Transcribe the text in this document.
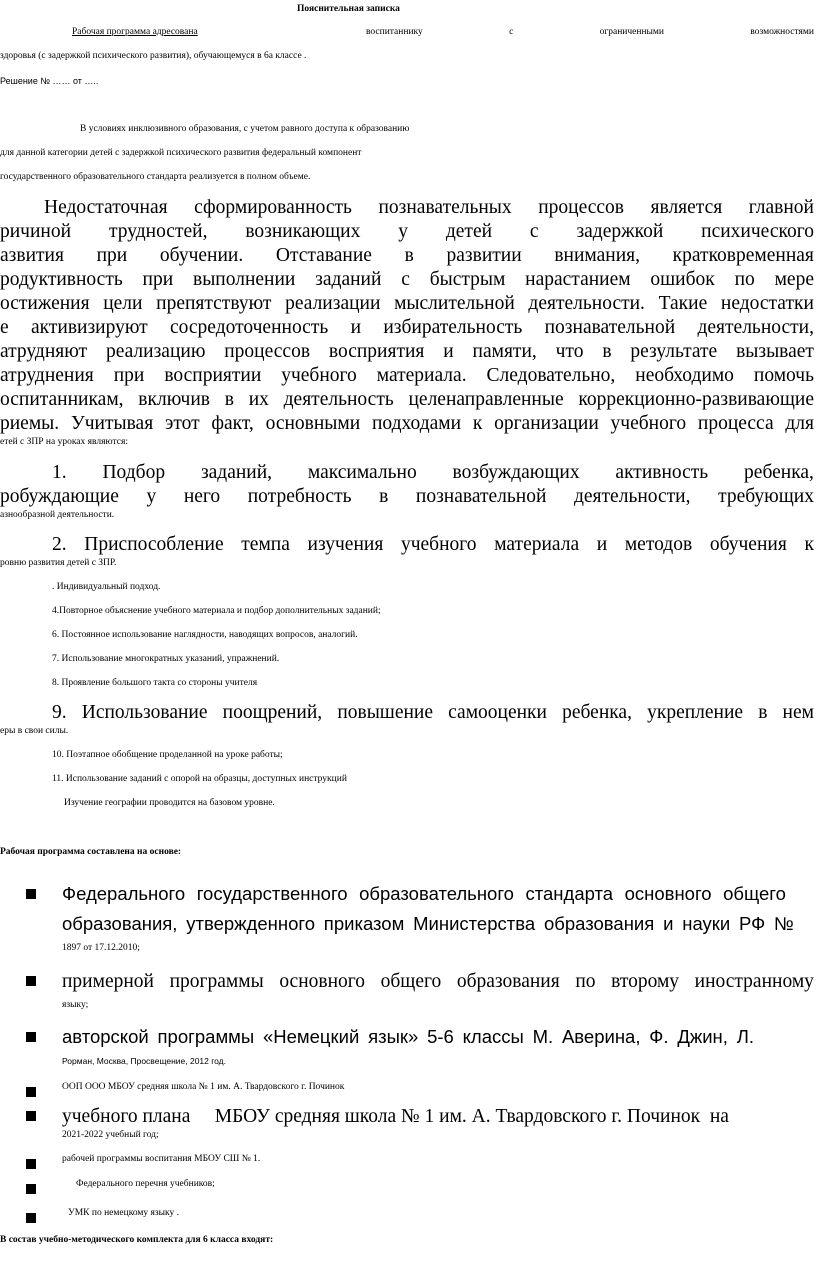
Пояснительная записка
Рабочая программа адресована	воспитаннику	с	ограниченными	возможностями
здоровья (с задержкой психического развития), обучающемуся в 6а классе .
Решение № …… от …..
В условиях инклюзивного образования, с учетом равного доступа к образованию
для данной категории детей с задержкой психического развития федеральный компонент
государственного образовательного стандарта реализуется в полном объеме.
Недостаточная сформированность познавательных процессов является главной
ричиной трудностей, возникающих у детей с задержкой психического
азвития при обучении. Отставание в развитии внимания, кратковременная
родуктивность при выполнении заданий с быстрым нарастанием ошибок по мере
остижения цели препятствуют реализации мыслительной деятельности. Такие недостатки
е активизируют сосредоточенность и избирательность познавательной деятельности,
атрудняют реализацию процессов восприятия и памяти, что в результате вызывает
атруднения при восприятии учебного материала. Следовательно, необходимо помочь
оспитанникам, включив в их деятельность целенаправленные коррекционно-развивающие
риемы. Учитывая этот факт, основными подходами к организации учебного процесса для
етей с ЗПР на уроках являются:
1. Подбор заданий, максимально возбуждающих активность ребенка,
робуждающие у него потребность в познавательной деятельности, требующих
азнообразной деятельности.
2. Приспособление темпа изучения учебного материала и методов обучения к
ровню развития детей с ЗПР.
. Индивидуальный подход.
4.Повторное объяснение учебного материала и подбор дополнительных заданий;
6. Постоянное использование наглядности, наводящих вопросов, аналогий.
7. Использование многократных указаний, упражнений.
8. Проявление большого такта со стороны учителя
9. Использование поощрений, повышение самооценки ребенка, укрепление в нем
еры в свои силы.
10. Поэтапное обобщение проделанной на уроке работы;
11. Использование заданий с опорой на образцы, доступных инструкций
Изучение географии проводится на базовом уровне.
Рабочая программа составлена на основе:
Федерального государственного образовательного стандарта основного общего
образования, утвержденного приказом Министерства образования и науки РФ №
1897 от 17.12.2010;
примерной программы основного общего образования по второму иностранному
языку;
авторской программы «Немецкий язык» 5-6 классы М. Аверина, Ф. Джин, Л.
Рорман, Москва, Просвещение, 2012 год.
ООП ООО МБОУ средняя школа № 1 им. А. Твардовского г. Починок
учебного плана     МБОУ средняя школа № 1 им. А. Твардовского г. Починок  на
2021-2022 учебный год;
рабочей программы воспитания МБОУ СШ № 1.
Федерального перечня учебников;
УМК по немецкому языку .
В состав учебно-методического комплекта для 6 класса входят:
